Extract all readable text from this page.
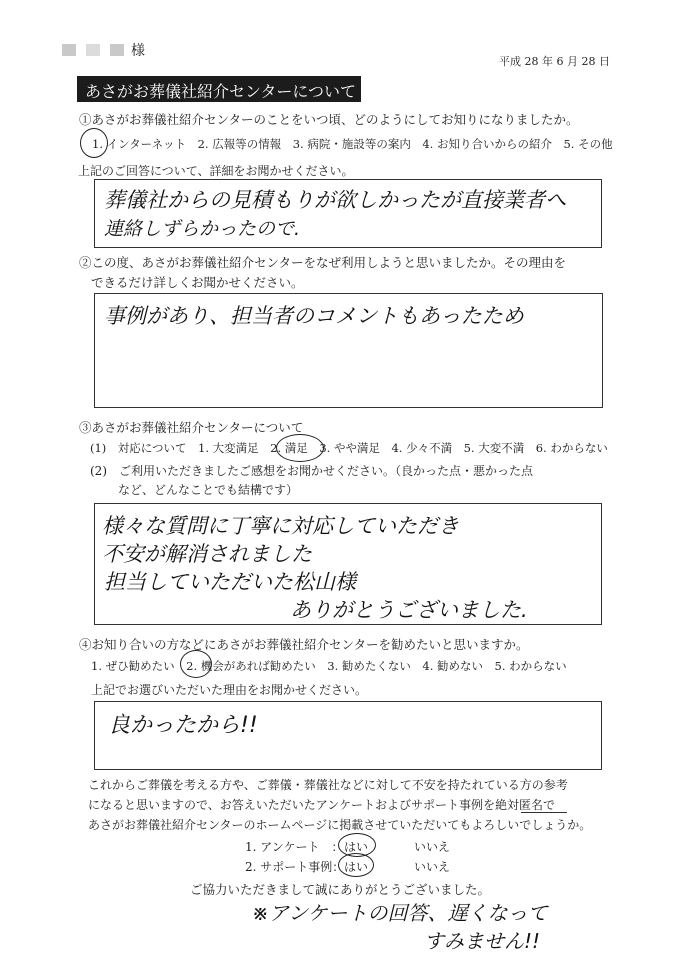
様
平成 28 年 6 月 28 日
あさがお葬儀社紹介センターについて
①あさがお葬儀社紹介センターのことをいつ頃、どのようにしてお知りになりましたか。
1. インターネット　2. 広報等の情報　3. 病院・施設等の案内　4. お知り合いからの紹介　5. その他
上記のご回答について、詳細をお聞かせください。
葬儀社からの見積もりが欲しかったが直接業者へ
連絡しずらかったので.
②この度、あさがお葬儀社紹介センターをなぜ利用しようと思いましたか。その理由を
できるだけ詳しくお聞かせください。
事例があり、担当者のコメントもあったため
③あさがお葬儀社紹介センターについて
(1)　対応について　1. 大変満足　2. 満足　3. やや満足　4. 少々不満　5. 大変不満　6. わからない
(2)　ご利用いただきましたご感想をお聞かせください。（良かった点・悪かった点
など、どんなことでも結構です）
様々な質問に丁寧に対応していただき
不安が解消されました
担当していただいた松山様
ありがとうございました.
④お知り合いの方などにあさがお葬儀社紹介センターを勧めたいと思いますか。
1. ぜひ勧めたい　2. 機会があれば勧めたい　3. 勧めたくない　4. 勧めない　5. わからない
上記でお選びいただいた理由をお聞かせください。
良かったから!!
これからご葬儀を考える方や、ご葬儀・葬儀社などに対して不安を持たれている方の参考
になると思いますので、お答えいただいたアンケートおよびサポート事例を絶対匿名で
あさがお葬儀社紹介センターのホームページに掲載させていただいてもよろしいでしょうか。
1. アンケート　： はい	いいえ
2. サポート事例： はい	いいえ
ご協力いただきまして誠にありがとうございました。
※アンケートの回答、遅くなって
すみません!!
